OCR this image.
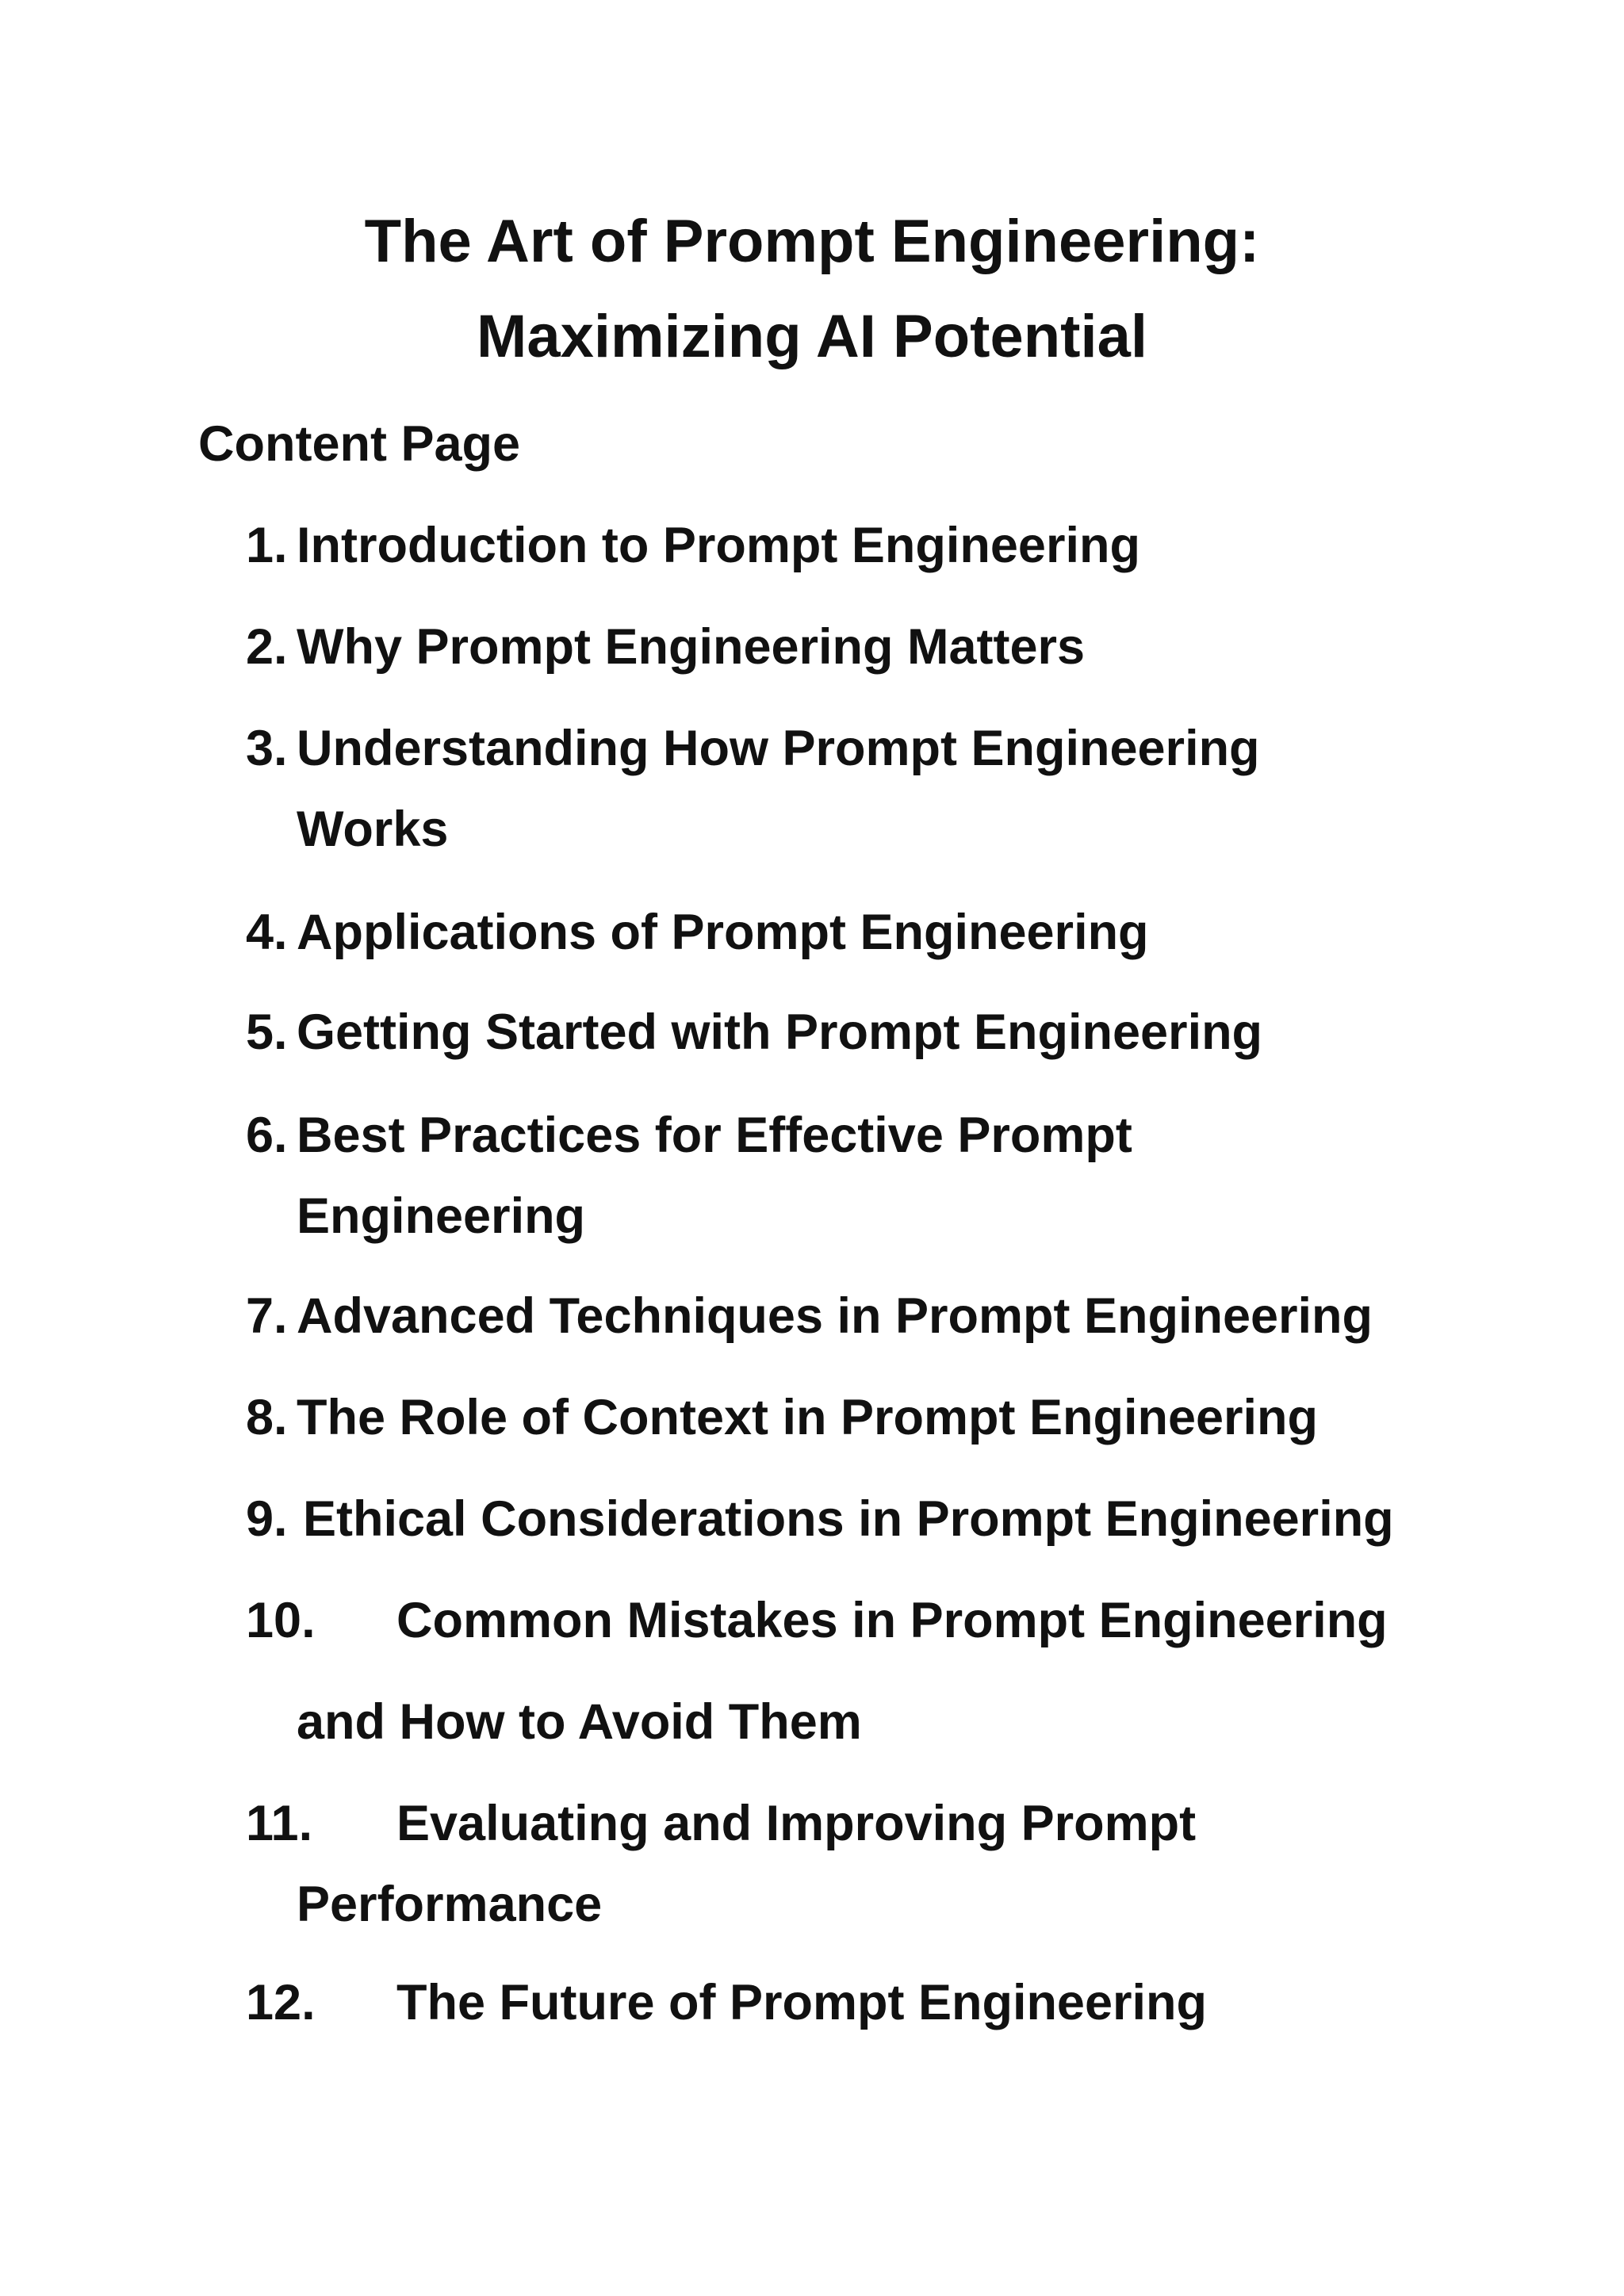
The Art of Prompt Engineering:
Maximizing AI Potential
Content Page
1. Introduction to Prompt Engineering
2. Why Prompt Engineering Matters
3. Understanding How Prompt Engineering
Works
4. Applications of Prompt Engineering
5. Getting Started with Prompt Engineering
6. Best Practices for Effective Prompt
Engineering
7. Advanced Techniques in Prompt Engineering
8. The Role of Context in Prompt Engineering
9. Ethical Considerations in Prompt Engineering
10. Common Mistakes in Prompt Engineering
and How to Avoid Them
11. Evaluating and Improving Prompt
Performance
12. The Future of Prompt Engineering
